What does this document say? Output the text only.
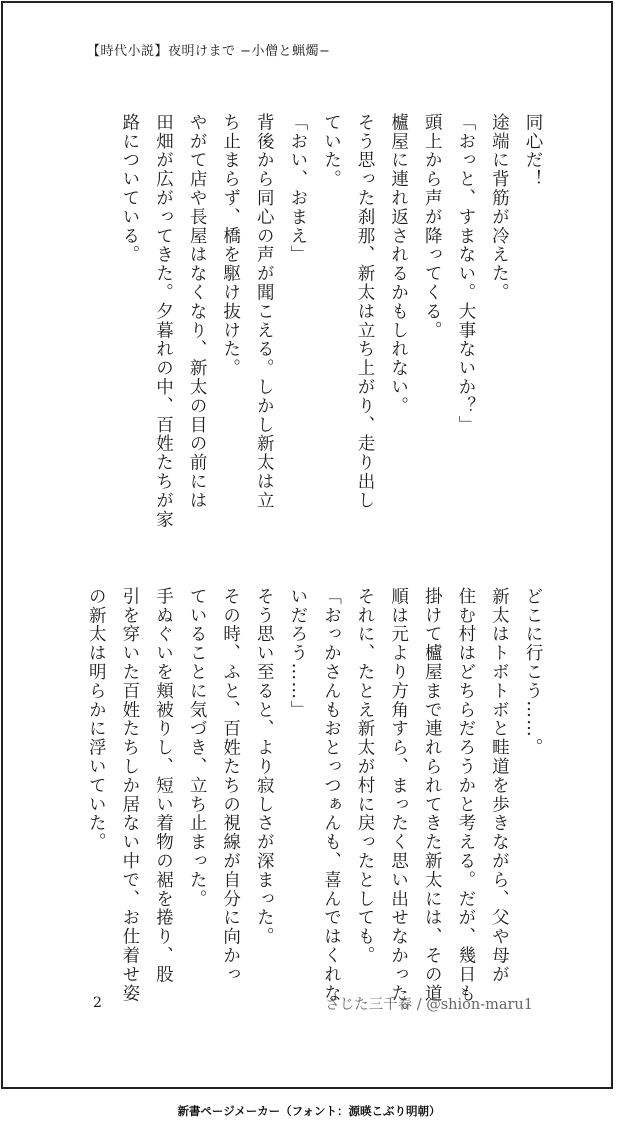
【時代小説】夜明けまで −小僧と蝋燭−

同心だ！

途端に背筋が冷えた。

「おっと、すまない。大事ないか？」

頭上から声が降ってくる。

櫨屋に連れ返されるかもしれない。

そう思った刹那、新太は立ち上がり、走り出し

ていた。

「おい、おまえ」

背後から同心の声が聞こえる。しかし新太は立

ち止まらず、橋を駆け抜けた。

やがて店や長屋はなくなり、新太の目の前には

田畑が広がってきた。夕暮れの中、百姓たちが家

路についている。

どこに行こう……。

新太はトボトボと畦道を歩きながら、父や母が

住む村はどちらだろうかと考える。だが、幾日も

掛けて櫨屋まで連れられてきた新太には、その道

順は元より方角すら、まったく思い出せなかった。

それに、たとえ新太が村に戻ったとしても。

「おっかさんもおとっつぁんも、喜んではくれな

いだろう……」

そう思い至ると、より寂しさが深まった。

その時、ふと、百姓たちの視線が自分に向かっ

ていることに気づき、立ち止まった。

手ぬぐいを頬被りし、短い着物の裾を捲り、股

引を穿いた百姓たちしか居ない中で、お仕着せ姿

の新太は明らかに浮いていた。

2	さじた三千春 / @shion-maru1
新書ページメーカー（フォント：源暎こぶり明朝）
